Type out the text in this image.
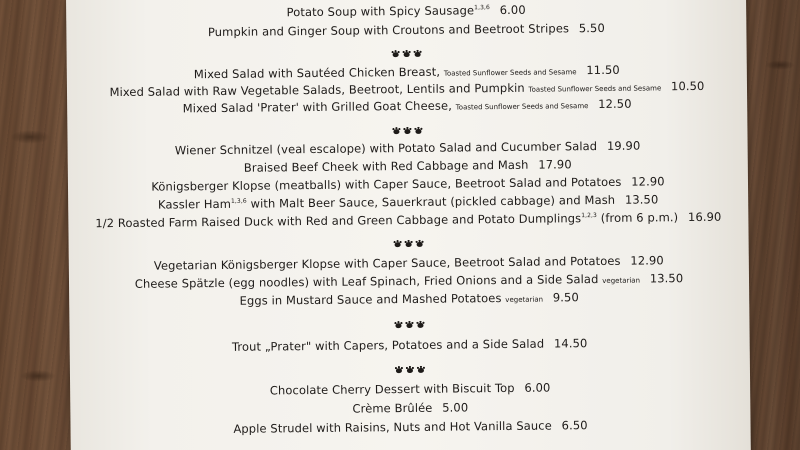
Potato Soup with Spicy Sausage$^{1,3,6}$ 6.00
Pumpkin and Ginger Soup with Croutons and Beetroot Stripes 5.50
Mixed Salad with Sautéed Chicken Breast, Toasted Sunflower Seeds and Sesame 11.50
Mixed Salad with Raw Vegetable Salads, Beetroot, Lentils and Pumpkin Toasted Sunflower Seeds and Sesame 10.50
Mixed Salad 'Prater' with Grilled Goat Cheese, Toasted Sunflower Seeds and Sesame 12.50
Wiener Schnitzel (veal escalope) with Potato Salad and Cucumber Salad 19.90
Braised Beef Cheek with Red Cabbage and Mash 17.90
Königsberger Klopse (meatballs) with Caper Sauce, Beetroot Salad and Potatoes 12.90
Kassler Ham$^{1,3,6}$ with Malt Beer Sauce, Sauerkraut (pickled cabbage) and Mash 13.50
1/2 Roasted Farm Raised Duck with Red and Green Cabbage and Potato Dumplings$^{1,2,3}$ (from 6 p.m.) 16.90
Vegetarian Königsberger Klopse with Caper Sauce, Beetroot Salad and Potatoes 12.90
Cheese Spätzle (egg noodles) with Leaf Spinach, Fried Onions and a Side Salad vegetarian 13.50
Eggs in Mustard Sauce and Mashed Potatoes vegetarian 9.50
Trout „Prater" with Capers, Potatoes and a Side Salad 14.50
Chocolate Cherry Dessert with Biscuit Top 6.00
Crème Brûlée 5.00
Apple Strudel with Raisins, Nuts and Hot Vanilla Sauce 6.50
